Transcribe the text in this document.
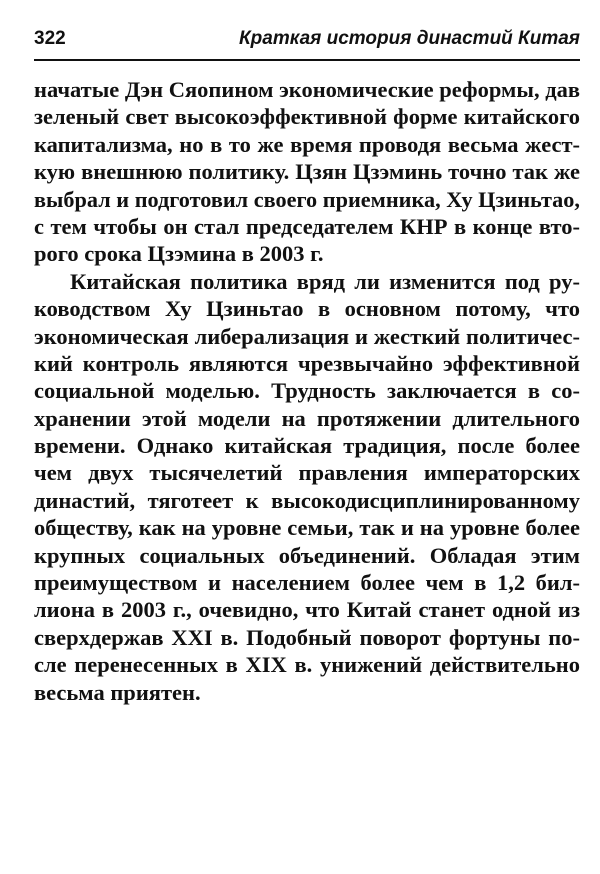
322	Краткая история династий Китая
начатые Дэн Сяопином экономические реформы, дав
зеленый свет высокоэффективной форме китайского
капитализма, но в то же время проводя весьма жест-
кую внешнюю политику. Цзян Цзэминь точно так же
выбрал и подготовил своего приемника, Ху Цзиньтао,
с тем чтобы он стал председателем КНР в конце вто-
рого срока Цзэмина в 2003 г.
Китайская политика вряд ли изменится под ру-
ководством Ху Цзиньтао в основном потому, что
экономическая либерализация и жесткий политичес-
кий контроль являются чрезвычайно эффективной
социальной моделью. Трудность заключается в со-
хранении этой модели на протяжении длительного
времени. Однако китайская традиция, после более
чем двух тысячелетий правления императорских
династий, тяготеет к высокодисциплинированному
обществу, как на уровне семьи, так и на уровне более
крупных социальных объединений. Обладая этим
преимуществом и населением более чем в 1,2 бил-
лиона в 2003 г., очевидно, что Китай станет одной из
сверхдержав XXI в. Подобный поворот фортуны по-
сле перенесенных в XIX в. унижений действительно
весьма приятен.
